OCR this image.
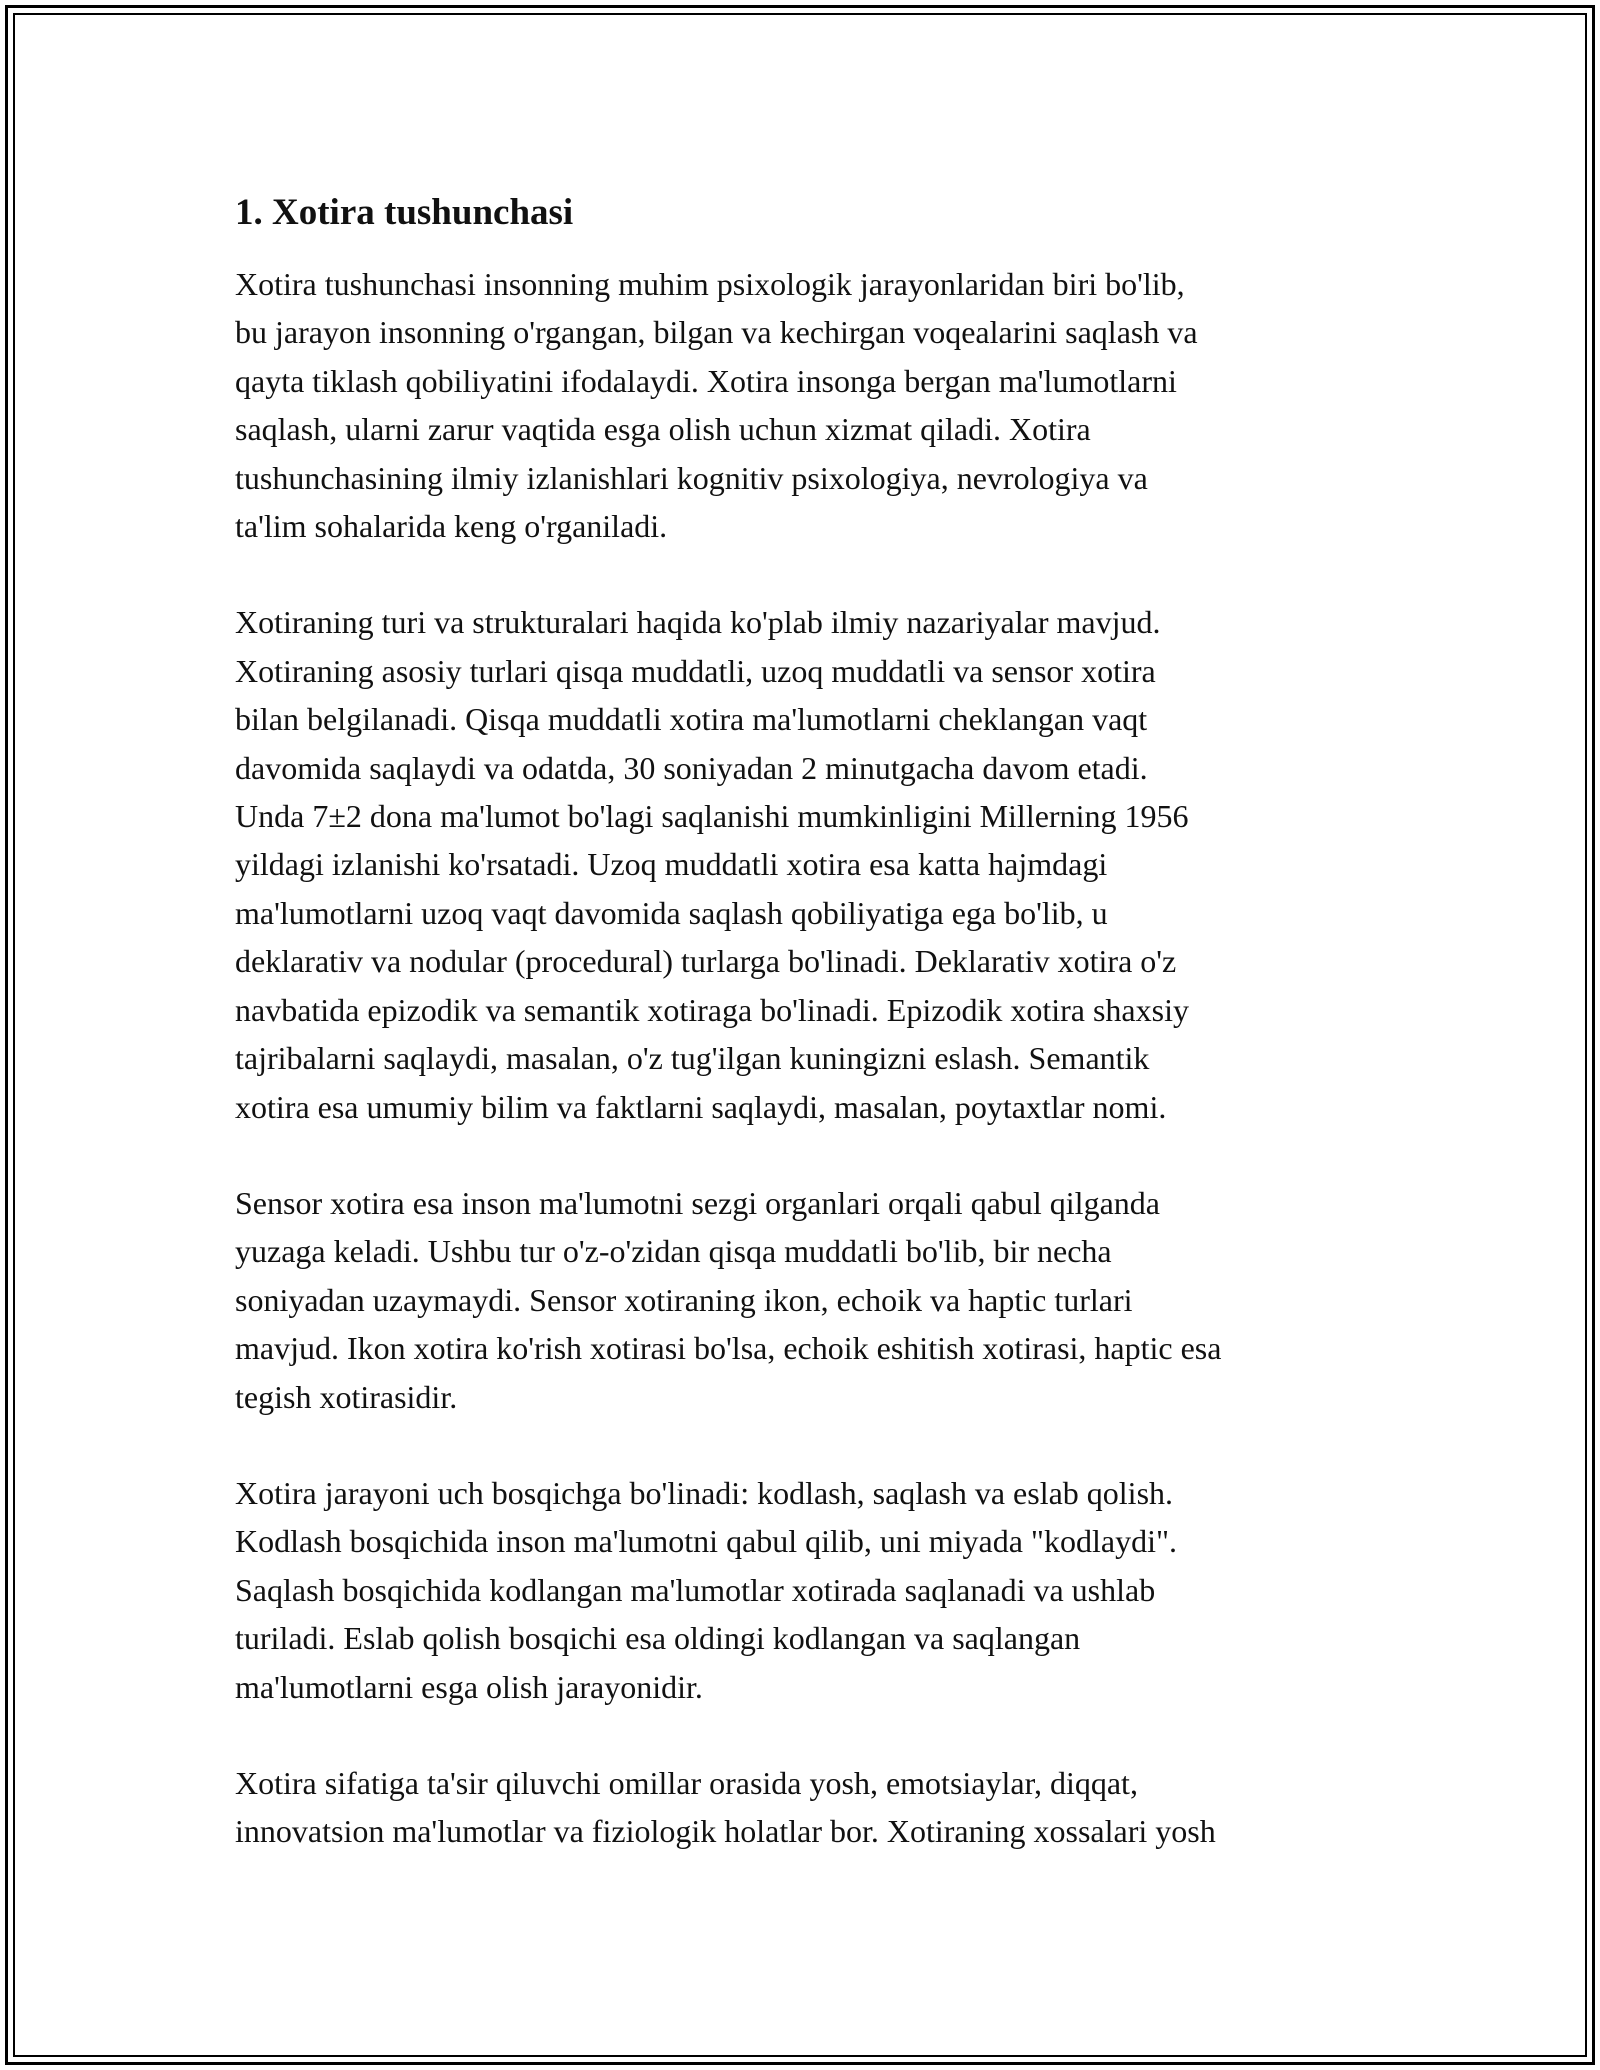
1. Xotira tushunchasi

Xotira tushunchasi insonning muhim psixologik jarayonlaridan biri bo'lib,
bu jarayon insonning o'rgangan, bilgan va kechirgan voqealarini saqlash va
qayta tiklash qobiliyatini ifodalaydi. Xotira insonga bergan ma'lumotlarni
saqlash, ularni zarur vaqtida esga olish uchun xizmat qiladi. Xotira
tushunchasining ilmiy izlanishlari kognitiv psixologiya, nevrologiya va
ta'lim sohalarida keng o'rganiladi.

Xotiraning turi va strukturalari haqida ko'plab ilmiy nazariyalar mavjud.
Xotiraning asosiy turlari qisqa muddatli, uzoq muddatli va sensor xotira
bilan belgilanadi. Qisqa muddatli xotira ma'lumotlarni cheklangan vaqt
davomida saqlaydi va odatda, 30 soniyadan 2 minutgacha davom etadi.
Unda 7±2 dona ma'lumot bo'lagi saqlanishi mumkinligini Millerning 1956
yildagi izlanishi ko'rsatadi. Uzoq muddatli xotira esa katta hajmdagi
ma'lumotlarni uzoq vaqt davomida saqlash qobiliyatiga ega bo'lib, u
deklarativ va nodular (procedural) turlarga bo'linadi. Deklarativ xotira o'z
navbatida epizodik va semantik xotiraga bo'linadi. Epizodik xotira shaxsiy
tajribalarni saqlaydi, masalan, o'z tug'ilgan kuningizni eslash. Semantik
xotira esa umumiy bilim va faktlarni saqlaydi, masalan, poytaxtlar nomi.

Sensor xotira esa inson ma'lumotni sezgi organlari orqali qabul qilganda
yuzaga keladi. Ushbu tur o'z-o'zidan qisqa muddatli bo'lib, bir necha
soniyadan uzaymaydi. Sensor xotiraning ikon, echoik va haptic turlari
mavjud. Ikon xotira ko'rish xotirasi bo'lsa, echoik eshitish xotirasi, haptic esa
tegish xotirasidir.

Xotira jarayoni uch bosqichga bo'linadi: kodlash, saqlash va eslab qolish.
Kodlash bosqichida inson ma'lumotni qabul qilib, uni miyada "kodlaydi".
Saqlash bosqichida kodlangan ma'lumotlar xotirada saqlanadi va ushlab
turiladi. Eslab qolish bosqichi esa oldingi kodlangan va saqlangan
ma'lumotlarni esga olish jarayonidir.

Xotira sifatiga ta'sir qiluvchi omillar orasida yosh, emotsiaylar, diqqat,
innovatsion ma'lumotlar va fiziologik holatlar bor. Xotiraning xossalari yosh
